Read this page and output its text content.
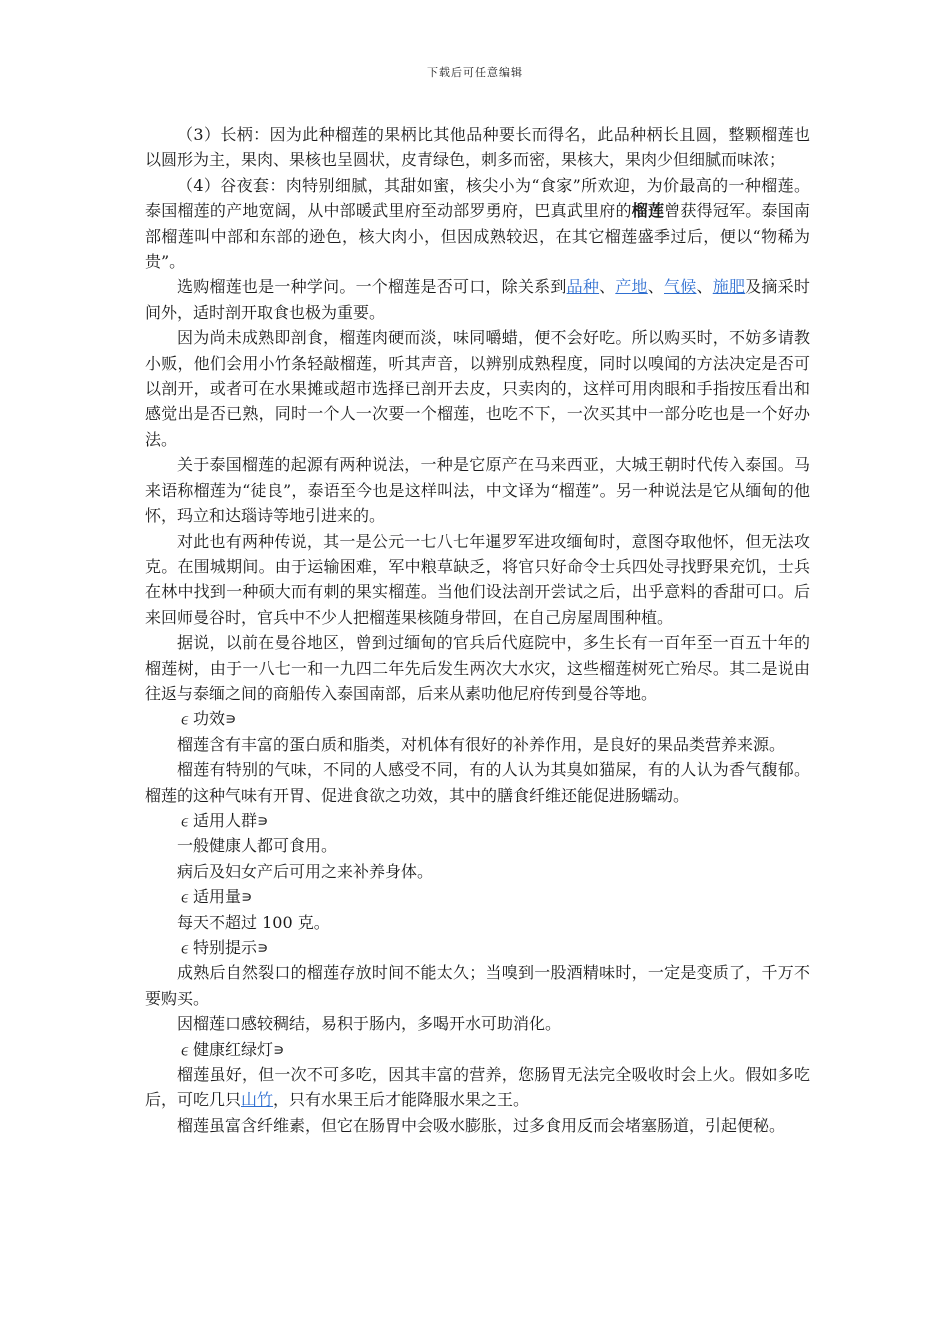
下载后可任意编辑

（3）长柄：因为此种榴莲的果柄比其他品种要长而得名，此品种柄长且圆，整颗榴莲也以圆形为主，果肉、果核也呈圆状，皮青绿色，刺多而密，果核大，果肉少但细腻而味浓；

（4）谷夜套：肉特别细腻，其甜如蜜，核尖小为“食家”所欢迎，为价最高的一种榴莲。泰国榴莲的产地宽阔，从中部暖武里府至动部罗勇府，巴真武里府的榴莲曾获得冠军。泰国南部榴莲叫中部和东部的逊色，核大肉小，但因成熟较迟，在其它榴莲盛季过后，便以“物稀为贵”。

选购榴莲也是一种学问。一个榴莲是否可口，除关系到品种、产地、气候、施肥及摘采时间外，适时剖开取食也极为重要。

因为尚未成熟即剖食，榴莲肉硬而淡，味同嚼蜡，便不会好吃。所以购买时，不妨多请教小贩，他们会用小竹条轻敲榴莲，听其声音，以辨别成熟程度，同时以嗅闻的方法决定是否可以剖开，或者可在水果摊或超市选择已剖开去皮，只卖肉的，这样可用肉眼和手指按压看出和感觉出是否已熟，同时一个人一次要一个榴莲，也吃不下，一次买其中一部分吃也是一个好办法。

关于泰国榴莲的起源有两种说法，一种是它原产在马来西亚，大城王朝时代传入泰国。马来语称榴莲为“徒良”，泰语至今也是这样叫法，中文译为“榴莲”。另一种说法是它从缅甸的他怀，玛立和达瑙诗等地引进来的。

对此也有两种传说，其一是公元一七八七年暹罗军进攻缅甸时，意图夺取他怀，但无法攻克。在围城期间。由于运输困难，军中粮草缺乏，将官只好命令士兵四处寻找野果充饥，士兵在林中找到一种硕大而有刺的果实榴莲。当他们设法剖开尝试之后，出乎意料的香甜可口。后来回师曼谷时，官兵中不少人把榴莲果核随身带回，在自己房屋周围种植。

据说，以前在曼谷地区，曾到过缅甸的官兵后代庭院中，多生长有一百年至一百五十年的榴莲树，由于一八七一和一九四二年先后发生两次大水灾，这些榴莲树死亡殆尽。其二是说由往返与泰缅之间的商船传入泰国南部，后来从素叻他尼府传到曼谷等地。

∊功效∍

榴莲含有丰富的蛋白质和脂类，对机体有很好的补养作用，是良好的果品类营养来源。

榴莲有特别的气味，不同的人感受不同，有的人认为其臭如猫屎，有的人认为香气馥郁。榴莲的这种气味有开胃、促进食欲之功效，其中的膳食纤维还能促进肠蠕动。

∊适用人群∍

一般健康人都可食用。

病后及妇女产后可用之来补养身体。

∊适用量∍

每天不超过 100 克。

∊特别提示∍

成熟后自然裂口的榴莲存放时间不能太久；当嗅到一股酒精味时，一定是变质了，千万不要购买。

因榴莲口感较稠结，易积于肠内，多喝开水可助消化。

∊健康红绿灯∍

榴莲虽好，但一次不可多吃，因其丰富的营养，您肠胃无法完全吸收时会上火。假如多吃后，可吃几只山竹，只有水果王后才能降服水果之王。

榴莲虽富含纤维素，但它在肠胃中会吸水膨胀，过多食用反而会堵塞肠道，引起便秘。
